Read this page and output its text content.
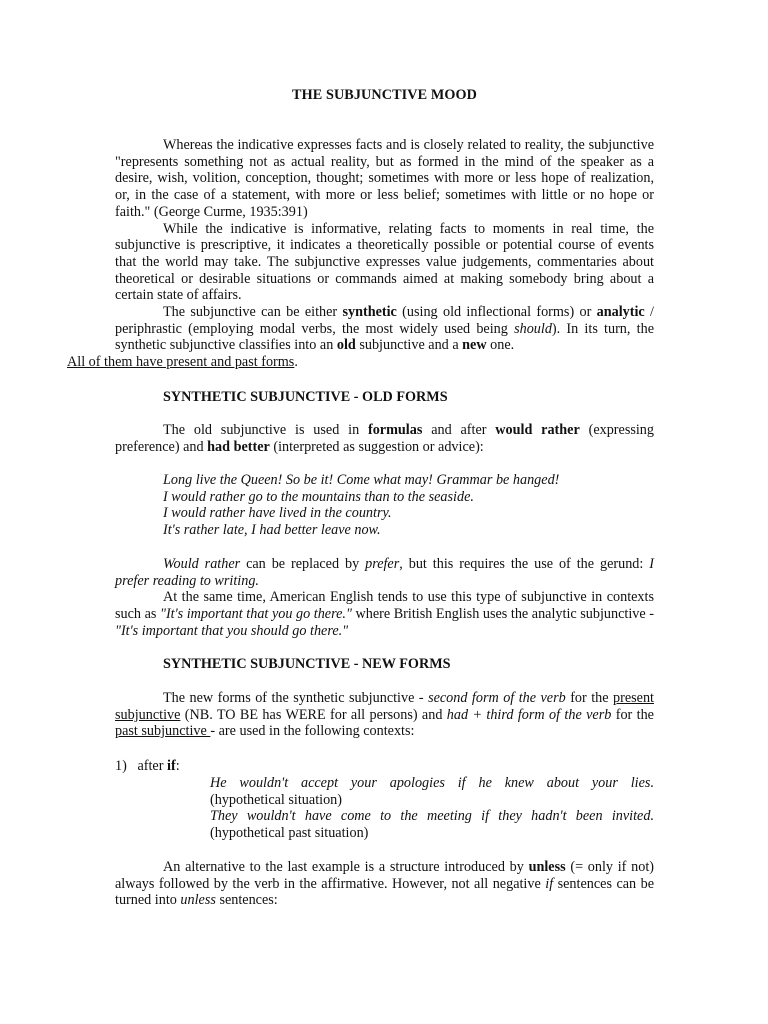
THE SUBJUNCTIVE MOOD

Whereas the indicative expresses facts and is closely related to reality, the subjunctive "represents something not as actual reality, but as formed in the mind of the speaker as a desire, wish, volition, conception, thought; sometimes with more or less hope of realization, or, in the case of a statement, with more or less belief; sometimes with little or no hope or faith." (George Curme, 1935:391)

While the indicative is informative, relating facts to moments in real time, the subjunctive is prescriptive, it indicates a theoretically possible or potential course of events that the world may take. The subjunctive expresses value judgements, commentaries about theoretical or desirable situations or commands aimed at making somebody bring about a certain state of affairs.

The subjunctive can be either synthetic (using old inflectional forms) or analytic / periphrastic (employing modal verbs, the most widely used being should). In its turn, the synthetic subjunctive classifies into an old subjunctive and a new one.
All of them have present and past forms.

SYNTHETIC SUBJUNCTIVE - OLD FORMS

The old subjunctive is used in formulas and after would rather (expressing preference) and had better (interpreted as suggestion or advice):

Long live the Queen! So be it! Come what may! Grammar be hanged!
I would rather go to the mountains than to the seaside.
I would rather have lived in the country.
It's rather late, I had better leave now.

Would rather can be replaced by prefer, but this requires the use of the gerund: I prefer reading to writing.

At the same time, American English tends to use this type of subjunctive in contexts such as "It's important that you go there." where British English uses the analytic subjunctive - "It's important that you should go there."

SYNTHETIC SUBJUNCTIVE - NEW FORMS

The new forms of the synthetic subjunctive - second form of the verb for the present subjunctive (NB. TO BE has WERE for all persons) and had + third form of the verb for the past subjunctive - are used in the following contexts:

1) after if:
He wouldn't accept your apologies if he knew about your lies.
(hypothetical situation)
They wouldn't have come to the meeting if they hadn't been invited.
(hypothetical past situation)

An alternative to the last example is a structure introduced by unless (= only if not) always followed by the verb in the affirmative. However, not all negative if sentences can be turned into unless sentences:
